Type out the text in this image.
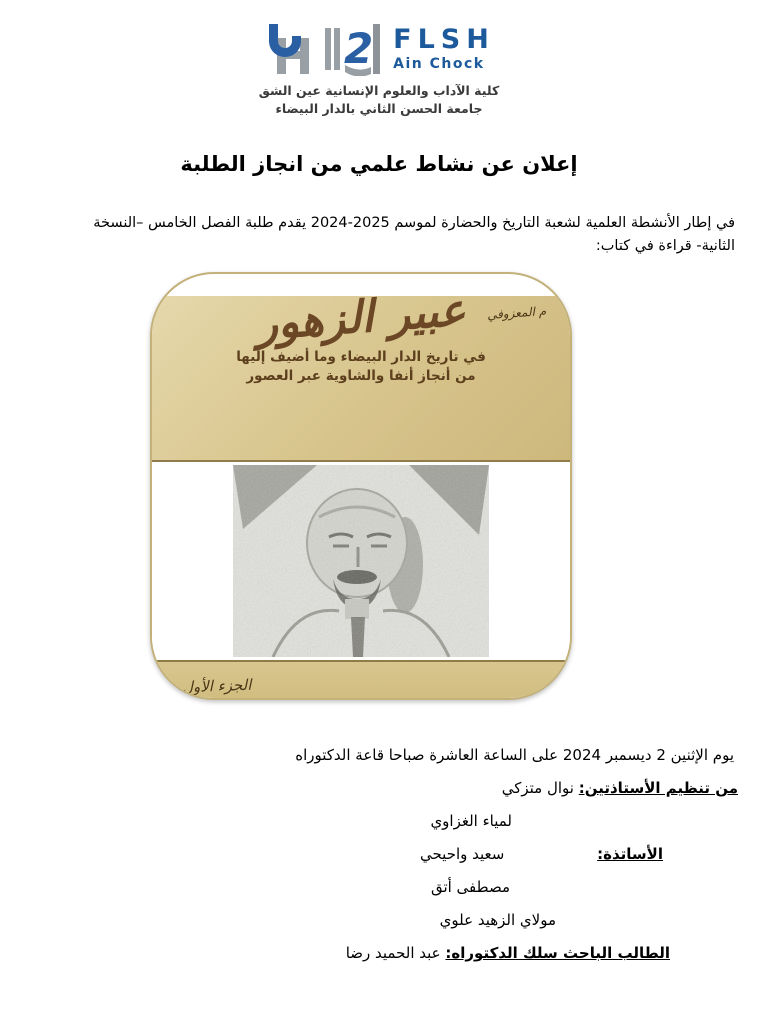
2 FLSH
Ain Chock
كلية الآداب والعلوم الإنسانية عين الشق
جامعة الحسن الثاني بالدار البيضاء
إعلان عن نشاط علمي من انجاز الطلبة
في إطار الأنشطة العلمية لشعبة التاريخ والحضارة لموسم 2025-2024 يقدم طلبة الفصل الخامس –النسخة
الثانية- قراءة في كتاب:
م المعزوفي
عبير الزهور
في تاريخ الدار البيضاء وما أضيف إليها
من أنجاز أنفا والشاوية عبر العصور
الجزء الأول
يوم الإثنين 2 ديسمبر 2024 على الساعة العاشرة صباحا قاعة الدكتوراه
من تنظيم الأستاذتين: نوال متزكي
لمياء الغزاوي
الأساتذة: سعيد واحيحي
مصطفى أتق
مولاي الزهيد علوي
الطالب الباحث سلك الدكتوراه: عبد الحميد رضا
